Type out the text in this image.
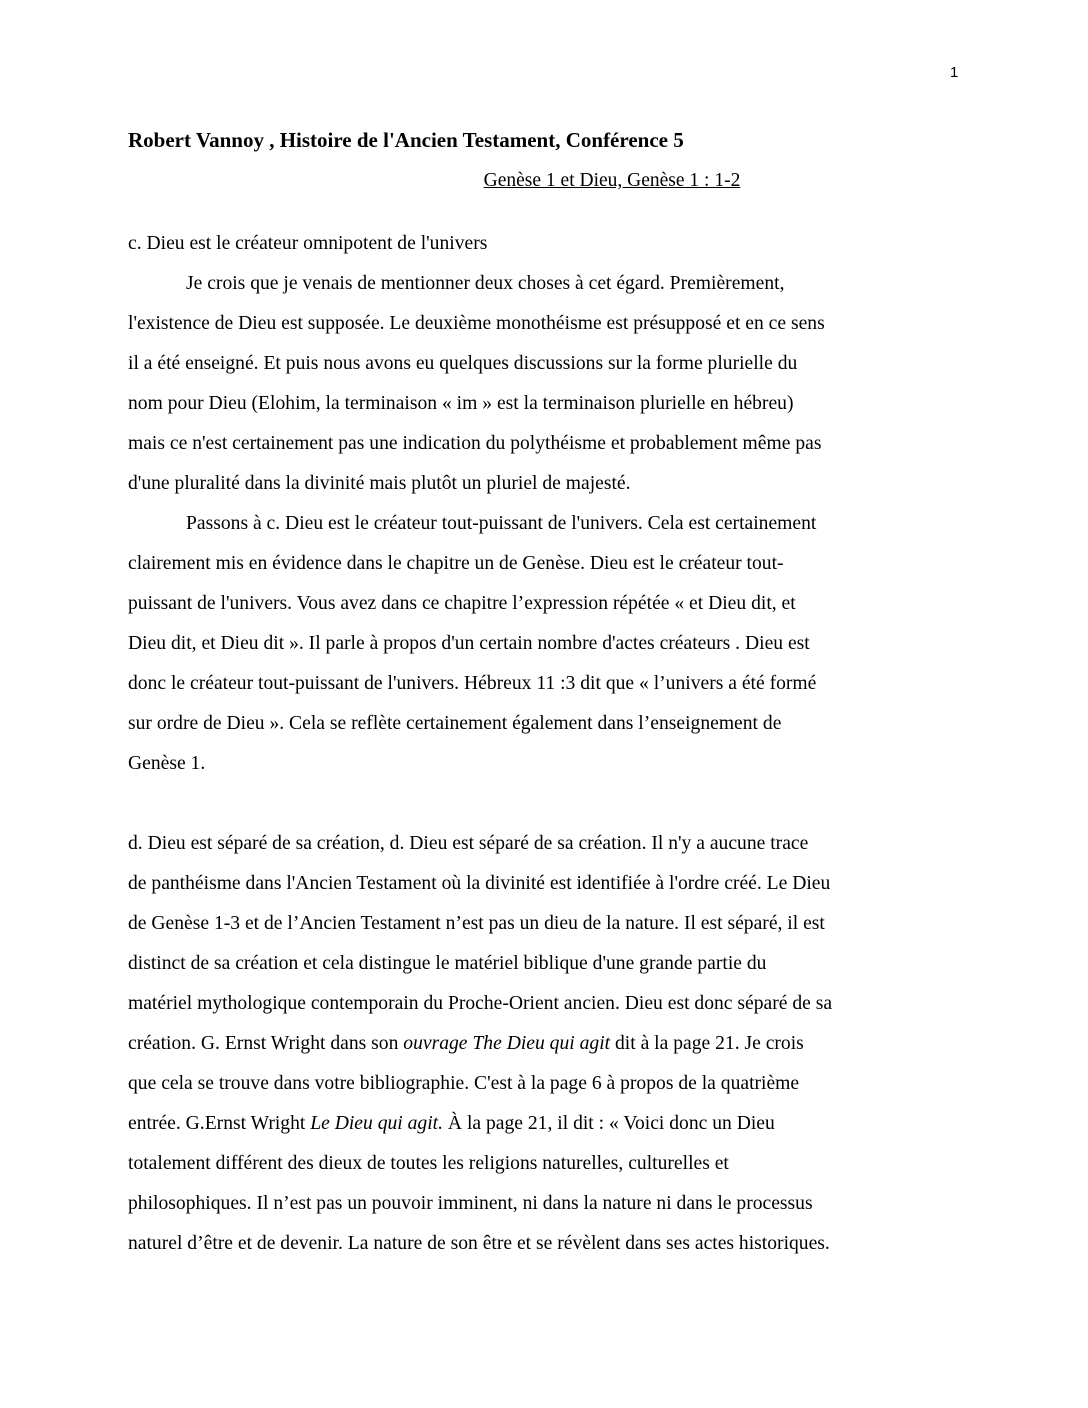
1
Robert Vannoy , Histoire de l'Ancien Testament, Conférence 5
Genèse 1 et Dieu, Genèse 1 : 1-2

c. Dieu est le créateur omnipotent de l'univers

Je crois que je venais de mentionner deux choses à cet égard. Premièrement,

l'existence de Dieu est supposée. Le deuxième monothéisme est présupposé et en ce sens

il a été enseigné. Et puis nous avons eu quelques discussions sur la forme plurielle du

nom pour Dieu (Elohim, la terminaison « im » est la terminaison plurielle en hébreu)

mais ce n'est certainement pas une indication du polythéisme et probablement même pas

d'une pluralité dans la divinité mais plutôt un pluriel de majesté.

Passons à c. Dieu est le créateur tout-puissant de l'univers. Cela est certainement

clairement mis en évidence dans le chapitre un de Genèse. Dieu est le créateur tout-

puissant de l'univers. Vous avez dans ce chapitre l’expression répétée « et Dieu dit, et

Dieu dit, et Dieu dit ». Il parle à propos d'un certain nombre d'actes créateurs . Dieu est

donc le créateur tout-puissant de l'univers. Hébreux 11 :3 dit que « l’univers a été formé

sur ordre de Dieu ». Cela se reflète certainement également dans l’enseignement de

Genèse 1.

d. Dieu est séparé de sa création, d. Dieu est séparé de sa création. Il n'y a aucune trace

de panthéisme dans l'Ancien Testament où la divinité est identifiée à l'ordre créé. Le Dieu

de Genèse 1-3 et de l’Ancien Testament n’est pas un dieu de la nature. Il est séparé, il est

distinct de sa création et cela distingue le matériel biblique d'une grande partie du

matériel mythologique contemporain du Proche-Orient ancien. Dieu est donc séparé de sa

création. G. Ernst Wright dans son ouvrage The Dieu qui agit dit à la page 21. Je crois

que cela se trouve dans votre bibliographie. C'est à la page 6 à propos de la quatrième

entrée. G.Ernst Wright Le Dieu qui agit. À la page 21, il dit : « Voici donc un Dieu

totalement différent des dieux de toutes les religions naturelles, culturelles et

philosophiques. Il n’est pas un pouvoir imminent, ni dans la nature ni dans le processus

naturel d’être et de devenir. La nature de son être et se révèlent dans ses actes historiques.
